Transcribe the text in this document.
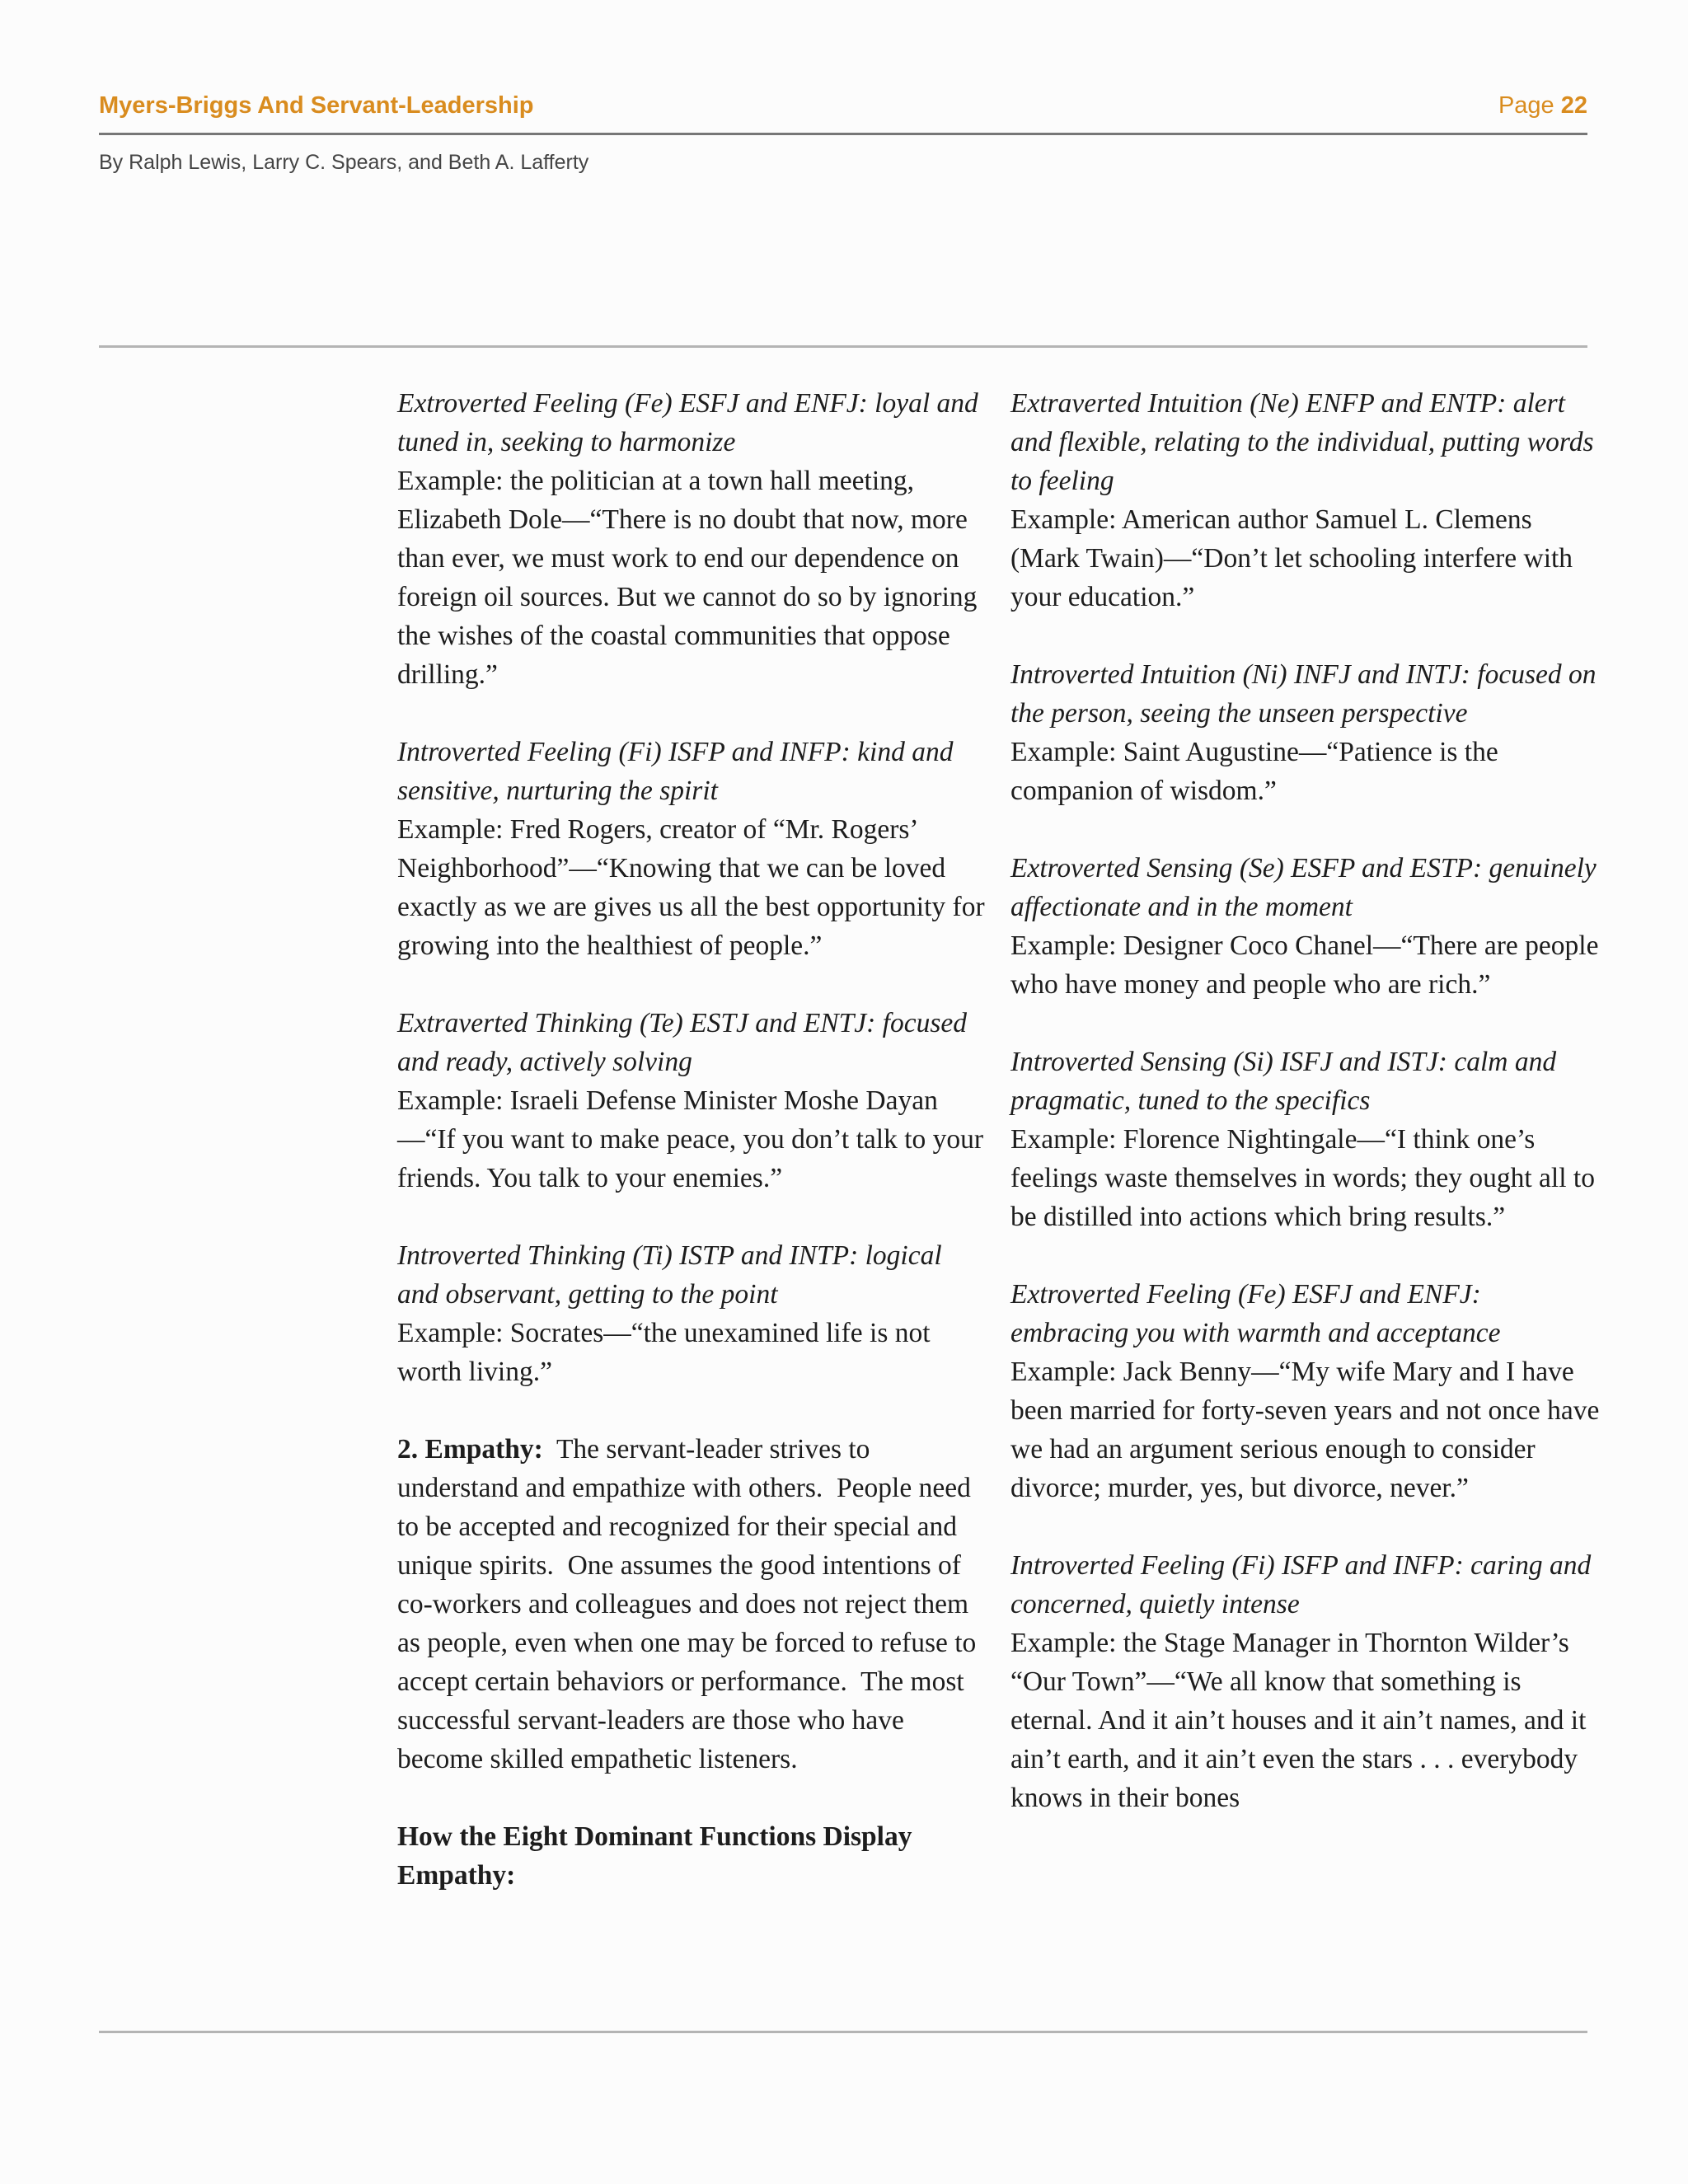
Myers-Briggs And Servant-Leadership	Page 22
By Ralph Lewis, Larry C. Spears, and Beth A. Lafferty

Extroverted Feeling (Fe) ESFJ and ENFJ: loyal and tuned in, seeking to harmonize

Example: the politician at a town hall meeting, Elizabeth Dole—“There is no doubt that now, more than ever, we must work to end our dependence on foreign oil sources. But we cannot do so by ignoring the wishes of the coastal communities that oppose drilling.”

Introverted Feeling (Fi) ISFP and INFP: kind and sensitive, nurturing the spirit

Example: Fred Rogers, creator of “Mr. Rogers’ Neighborhood”—“Knowing that we can be loved exactly as we are gives us all the best opportunity for growing into the healthiest of people.”

Extraverted Thinking (Te) ESTJ and ENTJ: focused and ready, actively solving

Example: Israeli Defense Minister Moshe Dayan—“If you want to make peace, you don’t talk to your friends. You talk to your enemies.”

Introverted Thinking (Ti) ISTP and INTP: logical and observant, getting to the point

Example: Socrates—“the unexamined life is not worth living.”

2. Empathy:  The servant-leader strives to understand and empathize with others.  People need to be accepted and recognized for their special and unique spirits.  One assumes the good intentions of co-workers and colleagues and does not reject them as people, even when one may be forced to refuse to accept certain behaviors or performance.  The most successful servant-leaders are those who have become skilled empathetic listeners.

How the Eight Dominant Functions Display Empathy:

Extraverted Intuition (Ne) ENFP and ENTP: alert and flexible, relating to the individual, putting words to feeling

Example: American author Samuel L. Clemens (Mark Twain)—“Don’t let schooling interfere with your education.”

Introverted Intuition (Ni) INFJ and INTJ: focused on the person, seeing the unseen perspective

Example: Saint Augustine—“Patience is the companion of wisdom.”

Extroverted Sensing (Se) ESFP and ESTP: genuinely affectionate and in the moment

Example: Designer Coco Chanel—“There are people who have money and people who are rich.”

Introverted Sensing (Si) ISFJ and ISTJ: calm and pragmatic, tuned to the specifics

Example: Florence Nightingale—“I think one’s feelings waste themselves in words; they ought all to be distilled into actions which bring results.”

Extroverted Feeling (Fe) ESFJ and ENFJ: embracing you with warmth and acceptance

Example: Jack Benny—“My wife Mary and I have been married for forty-seven years and not once have we had an argument serious enough to consider divorce; murder, yes, but divorce, never.”

Introverted Feeling (Fi) ISFP and INFP: caring and concerned, quietly intense

Example: the Stage Manager in Thornton Wilder’s “Our Town”—“We all know that something is eternal. And it ain’t houses and it ain’t names, and it ain’t earth, and it ain’t even the stars . . . everybody knows in their bones
